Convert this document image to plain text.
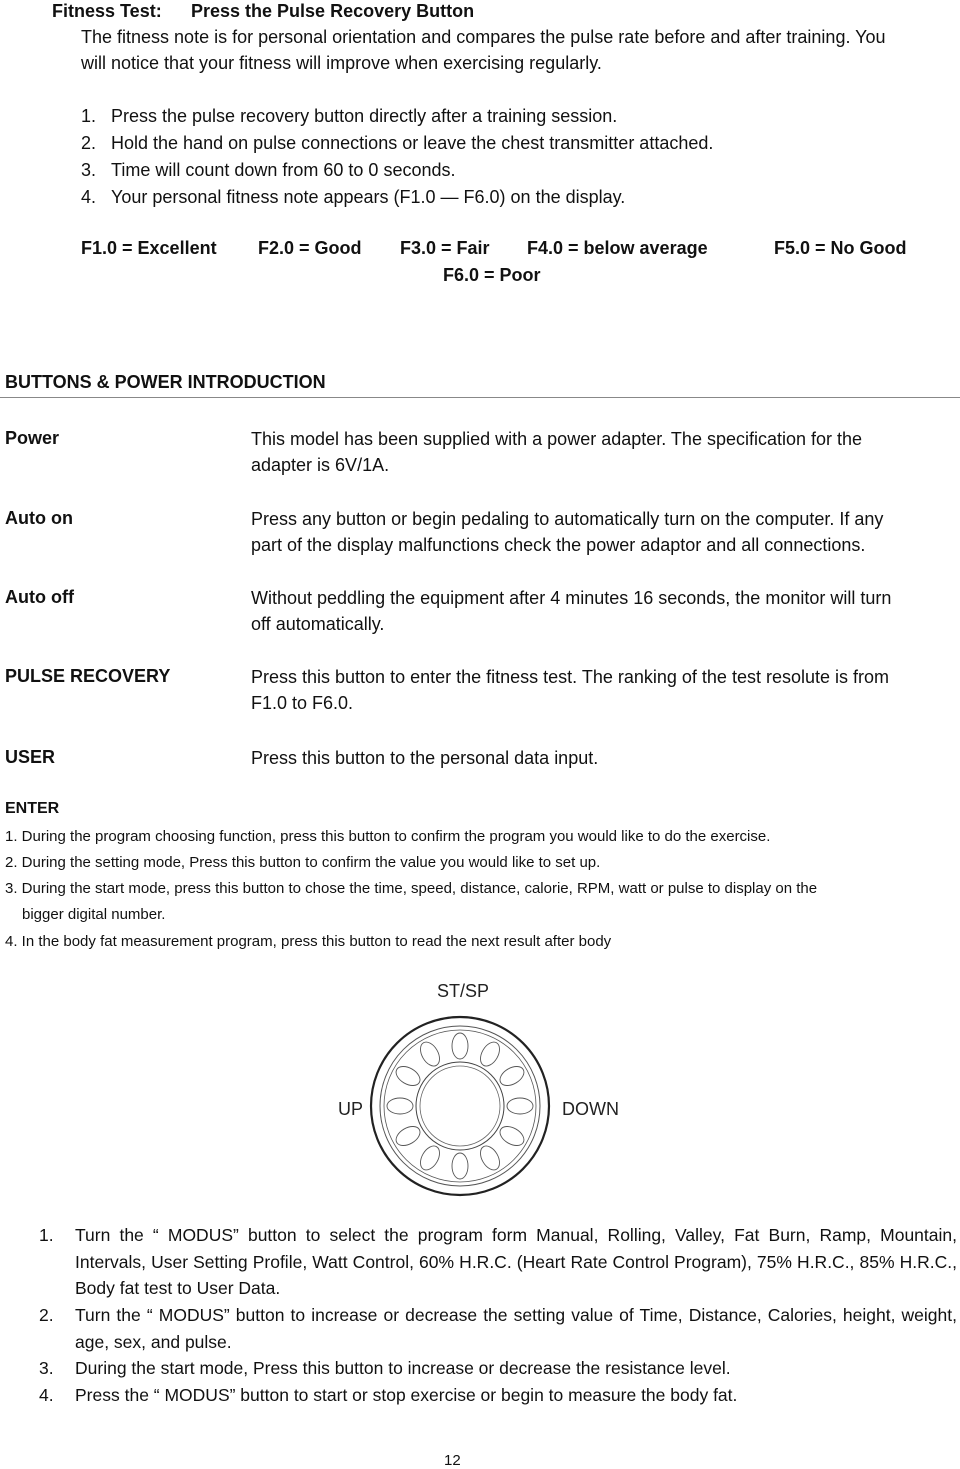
Fitness Test: Press the Pulse Recovery Button
The fitness note is for personal orientation and compares the pulse rate before and after training. You
will notice that your fitness will improve when exercising regularly.
1. Press the pulse recovery button directly after a training session.
2. Hold the hand on pulse connections or leave the chest transmitter attached.
3. Time will count down from 60 to 0 seconds.
4. Your personal fitness note appears (F1.0 — F6.0) on the display.
F1.0 = Excellent F2.0 = Good F3.0 = Fair F4.0 = below average	F5.0 = No Good
F6.0 = Poor
BUTTONS & POWER INTRODUCTION
Power	This model has been supplied with a power adapter. The specification for the
adapter is 6V/1A.
Auto on	Press any button or begin pedaling to automatically turn on the computer. If any
part of the display malfunctions check the power adaptor and all connections.
Auto off	Without peddling the equipment after 4 minutes 16 seconds, the monitor will turn
off automatically.
PULSE RECOVERY	Press this button to enter the fitness test. The ranking of the test resolute is from
F1.0 to F6.0.
USER	Press this button to the personal data input.
ENTER
1. During the program choosing function, press this button to confirm the program you would like to do the exercise.
2. During the setting mode, Press this button to confirm the value you would like to set up.
3. During the start mode, press this button to chose the time, speed, distance, calorie, RPM, watt or pulse to display on the
bigger digital number.
4. In the body fat measurement program, press this button to read the next result after body
ST/SP
UP	DOWN
1. Turn the “ MODUS” button to select the program form Manual, Rolling, Valley, Fat Burn, Ramp, Mountain, Intervals, User Setting Profile, Watt Control, 60% H.R.C. (Heart Rate Control Program), 75% H.R.C., 85% H.R.C., Body fat test to User Data.
2. Turn the “ MODUS” button to increase or decrease the setting value of Time, Distance, Calories, height, weight, age, sex, and pulse.
3. During the start mode, Press this button to increase or decrease the resistance level.
4. Press the “ MODUS” button to start or stop exercise or begin to measure the body fat.
12
